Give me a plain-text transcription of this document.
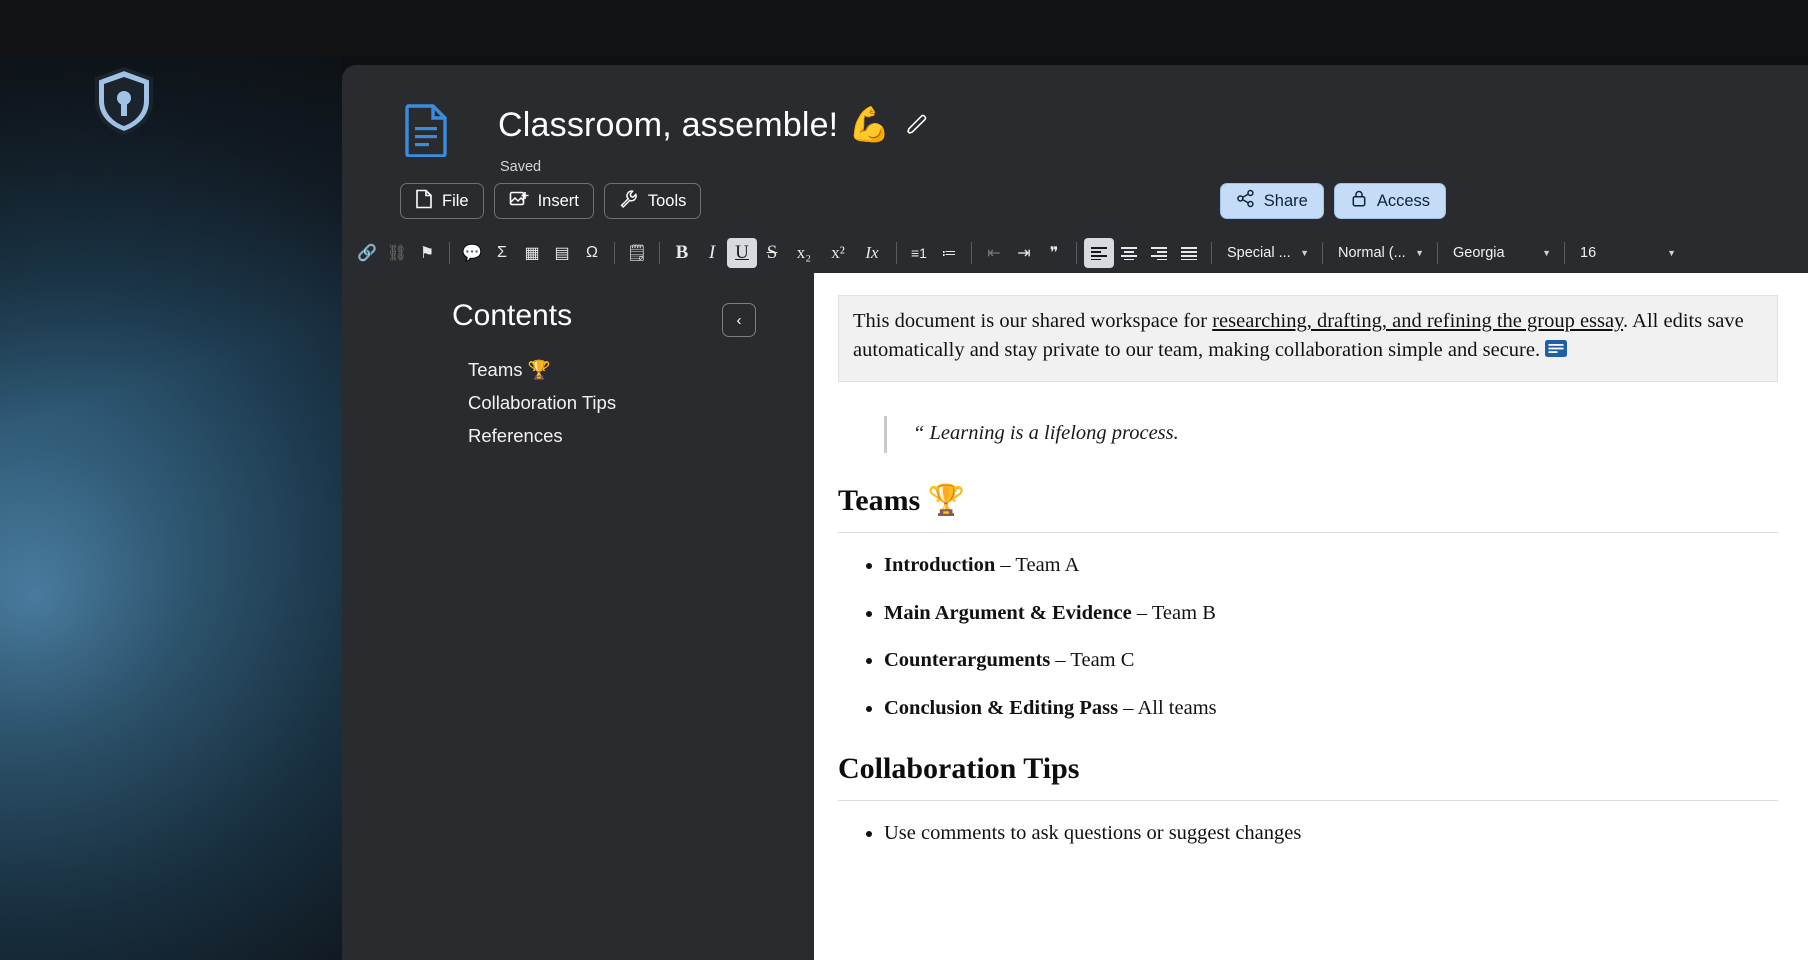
Classroom, assemble! 💪
Saved
File	Insert	Tools	Share	Access
🔗 ⛓ ⚑	💬 Σ	▦ ▤	Ω	🗒	B	I	U S	x₂	x²	Ix	≡1 ≔	⇤	⇥	❞	Special ... ▼ Normal (... ▼ Georgia	▼ 16	▼
Contents	‹
Teams 🏆
Collaboration Tips
References
This document is our shared workspace for researching, drafting, and refining the group essay. All edits save automatically and stay private to our team, making collaboration simple and secure.
“ Learning is a lifelong process.
Teams 🏆
• Introduction – Team A
• Main Argument & Evidence – Team B
• Counterarguments – Team C
• Conclusion & Editing Pass – All teams
Collaboration Tips
• Use comments to ask questions or suggest changes
